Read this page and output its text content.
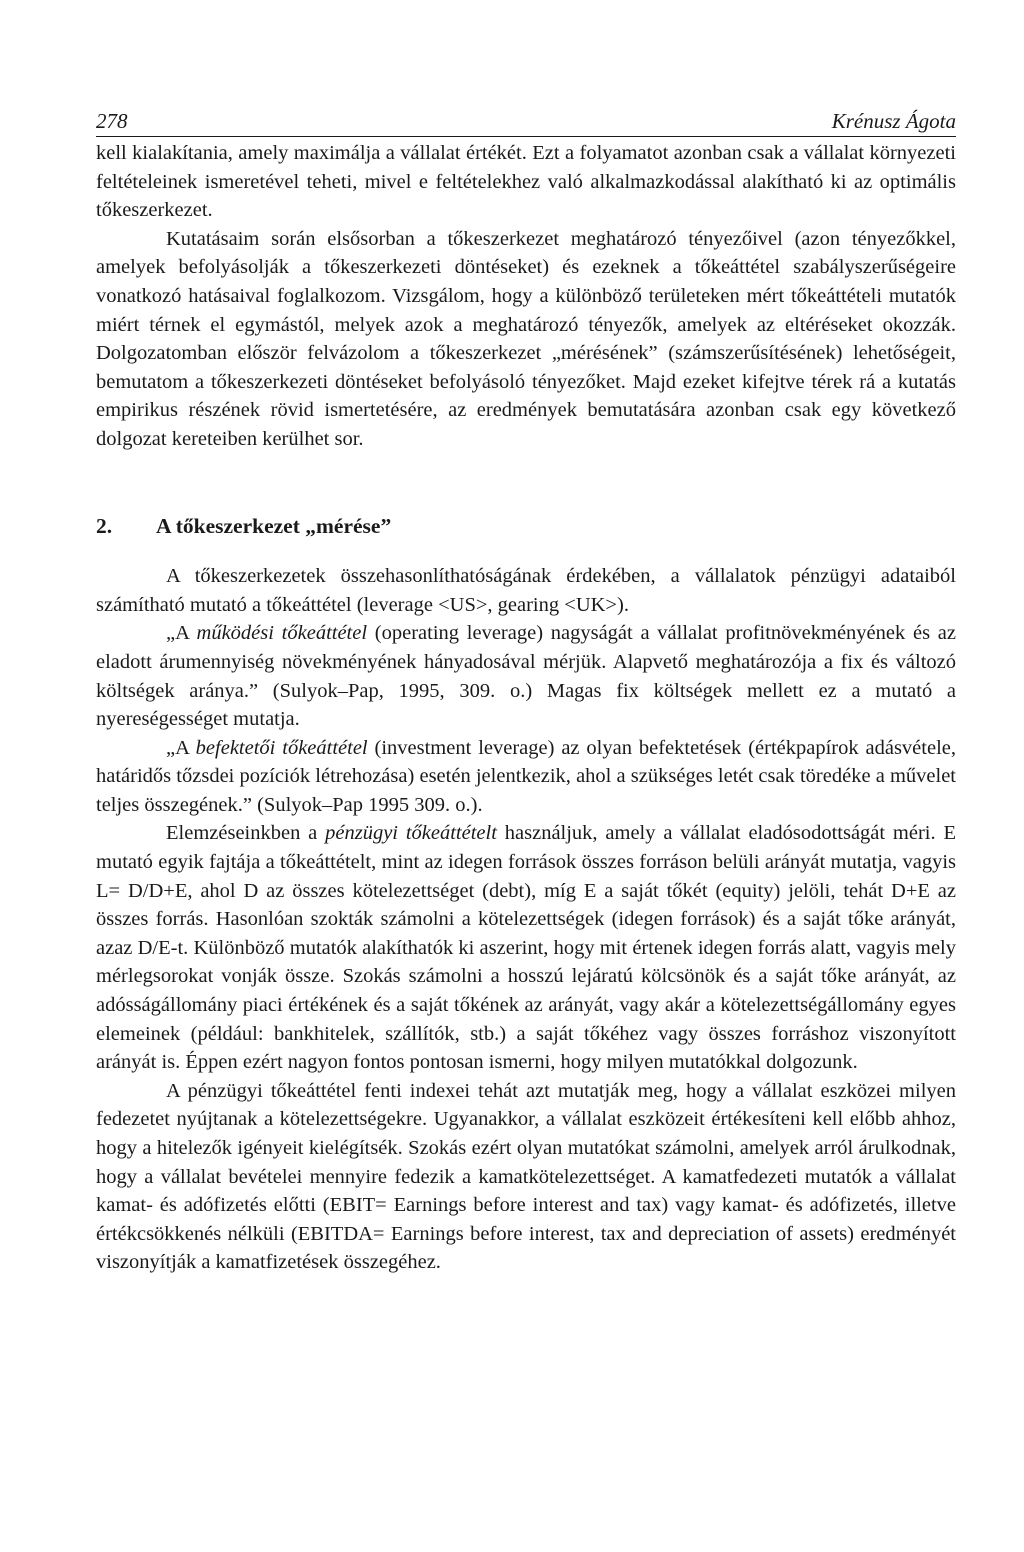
278	Krénusz Ágota

kell kialakítania, amely maximálja a vállalat értékét. Ezt a folyamatot azonban csak a vállalat környezeti feltételeinek ismeretével teheti, mivel e feltételekhez való alkalmazkodással alakítható ki az optimális tőkeszerkezet.

Kutatásaim során elsősorban a tőkeszerkezet meghatározó tényezőivel (azon tényezőkkel, amelyek befolyásolják a tőkeszerkezeti döntéseket) és ezeknek a tőkeáttétel szabályszerűségeire vonatkozó hatásaival foglalkozom. Vizsgálom, hogy a különböző területeken mért tőkeáttételi mutatók miért térnek el egymástól, melyek azok a meghatározó tényezők, amelyek az eltéréseket okozzák. Dolgozatomban először felvázolom a tőkeszerkezet „mérésének” (számszerűsítésének) lehetőségeit, bemutatom a tőkeszerkezeti döntéseket befolyásoló tényezőket. Majd ezeket kifejtve térek rá a kutatás empirikus részének rövid ismertetésére, az eredmények bemutatására azonban csak egy következő dolgozat kereteiben kerülhet sor.

2.	A tőkeszerkezet „mérése”

A tőkeszerkezetek összehasonlíthatóságának érdekében, a vállalatok pénzügyi adataiból számítható mutató a tőkeáttétel (leverage <US>, gearing <UK>).

„A működési tőkeáttétel (operating leverage) nagyságát a vállalat profitnövekményének és az eladott árumennyiség növekményének hányadosával mérjük. Alapvető meghatározója a fix és változó költségek aránya.” (Sulyok–Pap, 1995, 309. o.) Magas fix költségek mellett ez a mutató a nyereségességet mutatja.

„A befektetői tőkeáttétel (investment leverage) az olyan befektetések (értékpapírok adásvétele, határidős tőzsdei pozíciók létrehozása) esetén jelentkezik, ahol a szükséges letét csak töredéke a művelet teljes összegének.” (Sulyok–Pap 1995 309. o.).

Elemzéseinkben a pénzügyi tőkeáttételt használjuk, amely a vállalat eladósodottságát méri. E mutató egyik fajtája a tőkeáttételt, mint az idegen források összes forráson belüli arányát mutatja, vagyis L= D/D+E, ahol D az összes kötelezettséget (debt), míg E a saját tőkét (equity) jelöli, tehát D+E az összes forrás. Hasonlóan szokták számolni a kötelezettségek (idegen források) és a saját tőke arányát, azaz D/E-t. Különböző mutatók alakíthatók ki aszerint, hogy mit értenek idegen forrás alatt, vagyis mely mérlegsorokat vonják össze. Szokás számolni a hosszú lejáratú kölcsönök és a saját tőke arányát, az adósságállomány piaci értékének és a saját tőkének az arányát, vagy akár a kötelezettségállomány egyes elemeinek (például: bankhitelek, szállítók, stb.) a saját tőkéhez vagy összes forráshoz viszonyított arányát is. Éppen ezért nagyon fontos pontosan ismerni, hogy milyen mutatókkal dolgozunk.

A pénzügyi tőkeáttétel fenti indexei tehát azt mutatják meg, hogy a vállalat eszközei milyen fedezetet nyújtanak a kötelezettségekre. Ugyanakkor, a vállalat eszközeit értékesíteni kell előbb ahhoz, hogy a hitelezők igényeit kielégítsék. Szokás ezért olyan mutatókat számolni, amelyek arról árulkodnak, hogy a vállalat bevételei mennyire fedezik a kamatkötelezettséget. A kamatfedezeti mutatók a vállalat kamat- és adófizetés előtti (EBIT= Earnings before interest and tax) vagy kamat- és adófizetés, illetve értékcsökkenés nélküli (EBITDA= Earnings before interest, tax and depreciation of assets) eredményét viszonyítják a kamatfizetések összegéhez.
